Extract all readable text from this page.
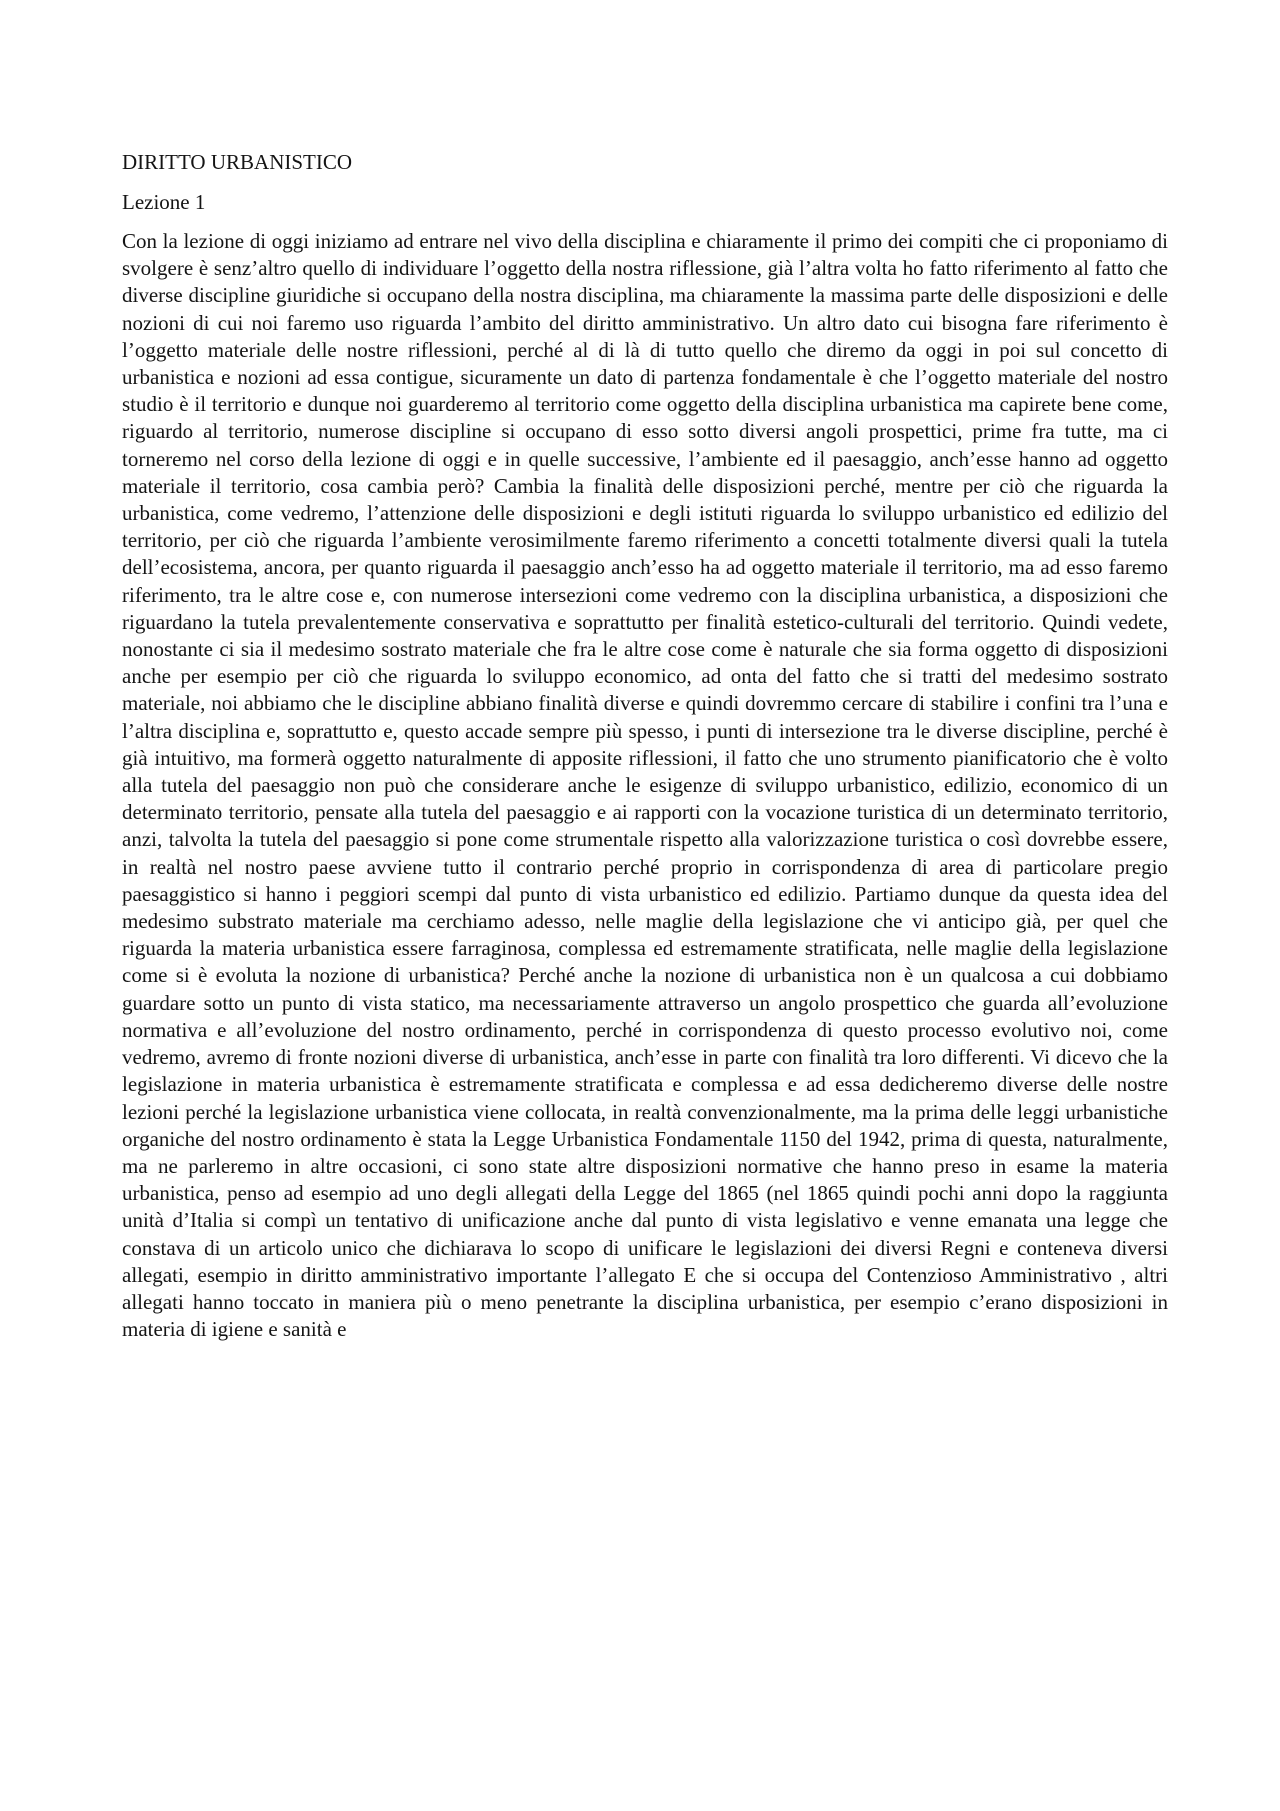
DIRITTO URBANISTICO
Lezione 1

Con la lezione di oggi iniziamo ad entrare nel vivo della disciplina e chiaramente il primo dei compiti che ci proponiamo di svolgere è senz’altro quello di individuare l’oggetto della nostra riflessione, già l’altra volta ho fatto riferimento al fatto che diverse discipline giuridiche si occupano della nostra disciplina, ma chiaramente la massima parte delle disposizioni e delle nozioni di cui noi faremo uso riguarda l’ambito del diritto amministrativo. Un altro dato cui bisogna fare riferimento è l’oggetto materiale delle nostre riflessioni, perché al di là di tutto quello che diremo da oggi in poi sul concetto di urbanistica e nozioni ad essa contigue, sicuramente un dato di partenza fondamentale è che l’oggetto materiale del nostro studio è il territorio e dunque noi guarderemo al territorio come oggetto della disciplina urbanistica ma capirete bene come, riguardo al territorio, numerose discipline si occupano di esso sotto diversi angoli prospettici, prime fra tutte, ma ci torneremo nel corso della lezione di oggi e in quelle successive, l’ambiente ed il paesaggio, anch’esse hanno ad oggetto materiale il territorio, cosa cambia però? Cambia la finalità delle disposizioni perché, mentre per ciò che riguarda la urbanistica, come vedremo, l’attenzione delle disposizioni e degli istituti riguarda lo sviluppo urbanistico ed edilizio del territorio, per ciò che riguarda l’ambiente verosimilmente faremo riferimento a concetti totalmente diversi quali la tutela dell’ecosistema, ancora, per quanto riguarda il paesaggio anch’esso ha ad oggetto materiale il territorio, ma ad esso faremo riferimento, tra le altre cose e, con numerose intersezioni come vedremo con la disciplina urbanistica, a disposizioni che riguardano la tutela prevalentemente conservativa e soprattutto per finalità estetico-culturali del territorio. Quindi vedete, nonostante ci sia il medesimo sostrato materiale che fra le altre cose come è naturale che sia forma oggetto di disposizioni anche per esempio per ciò che riguarda lo sviluppo economico, ad onta del fatto che si tratti del medesimo sostrato materiale, noi abbiamo che le discipline abbiano finalità diverse e quindi dovremmo cercare di stabilire i confini tra l’una e l’altra disciplina e, soprattutto e, questo accade sempre più spesso, i punti di intersezione tra le diverse discipline, perché è già intuitivo, ma formerà oggetto naturalmente di apposite riflessioni, il fatto che uno strumento pianificatorio che è volto alla tutela del paesaggio non può che considerare anche le esigenze di sviluppo urbanistico, edilizio, economico di un determinato territorio, pensate alla tutela del paesaggio e ai rapporti con la vocazione turistica di un determinato territorio, anzi, talvolta la tutela del paesaggio si pone come strumentale rispetto alla valorizzazione turistica o così dovrebbe essere, in realtà nel nostro paese avviene tutto il contrario perché proprio in corrispondenza di area di particolare pregio paesaggistico si hanno i peggiori scempi dal punto di vista urbanistico ed edilizio. Partiamo dunque da questa idea del medesimo substrato materiale ma cerchiamo adesso, nelle maglie della legislazione che vi anticipo già, per quel che riguarda la materia urbanistica essere farraginosa, complessa ed estremamente stratificata, nelle maglie della legislazione come si è evoluta la nozione di urbanistica? Perché anche la nozione di urbanistica non è un qualcosa a cui dobbiamo guardare sotto un punto di vista statico, ma necessariamente attraverso un angolo prospettico che guarda all’evoluzione normativa e all’evoluzione del nostro ordinamento, perché in corrispondenza di questo processo evolutivo noi, come vedremo, avremo di fronte nozioni diverse di urbanistica, anch’esse in parte con finalità tra loro differenti. Vi dicevo che la legislazione in materia urbanistica è estremamente stratificata e complessa e ad essa dedicheremo diverse delle nostre lezioni perché la legislazione urbanistica viene collocata, in realtà convenzionalmente, ma la prima delle leggi urbanistiche organiche del nostro ordinamento è stata la Legge Urbanistica Fondamentale 1150 del 1942, prima di questa, naturalmente, ma ne parleremo in altre occasioni, ci sono state altre disposizioni normative che hanno preso in esame la materia urbanistica, penso ad esempio ad uno degli allegati della Legge del 1865 (nel 1865 quindi pochi anni dopo la raggiunta unità d’Italia si compì un tentativo di unificazione anche dal punto di vista legislativo e venne emanata una legge che constava di un articolo unico che dichiarava lo scopo di unificare le legislazioni dei diversi Regni e conteneva diversi allegati, esempio in diritto amministrativo importante l’allegato E che si occupa del Contenzioso Amministrativo , altri allegati hanno toccato in maniera più o meno penetrante la disciplina urbanistica, per esempio c’erano disposizioni in materia di igiene e sanità e
